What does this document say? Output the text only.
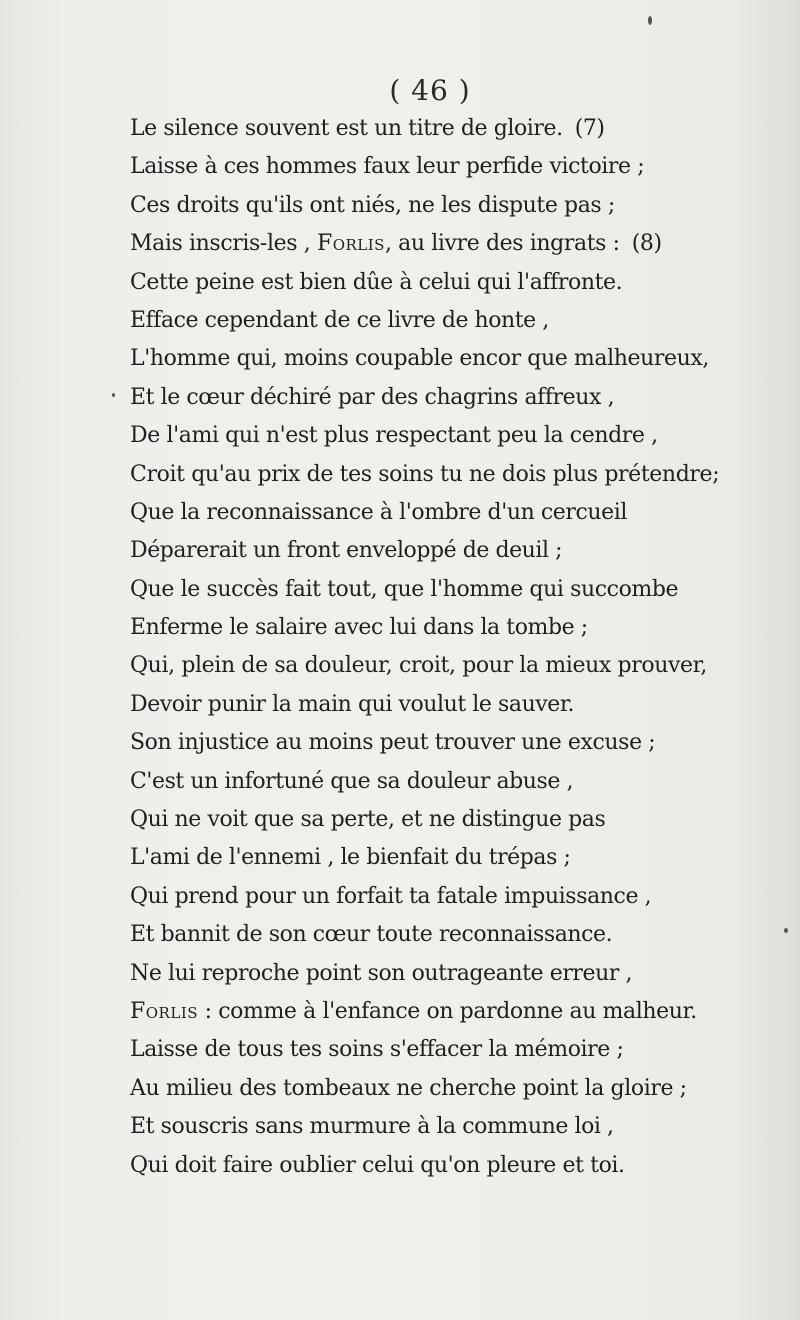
( 46 )
Le silence souvent est un titre de gloire. (7)
Laisse à ces hommes faux leur perfide victoire ;
Ces droits qu'ils ont niés, ne les dispute pas ;
Mais inscris-les , Forlis, au livre des ingrats : (8)
Cette peine est bien dûe à celui qui l'affronte.
Efface cependant de ce livre de honte ,
L'homme qui, moins coupable encor que malheureux,
Et le cœur déchiré par des chagrins affreux ,
De l'ami qui n'est plus respectant peu la cendre ,
Croit qu'au prix de tes soins tu ne dois plus prétendre;
Que la reconnaissance à l'ombre d'un cercueil
Déparerait un front enveloppé de deuil ;
Que le succès fait tout, que l'homme qui succombe
Enferme le salaire avec lui dans la tombe ;
Qui, plein de sa douleur, croit, pour la mieux prouver,
Devoir punir la main qui voulut le sauver.
Son injustice au moins peut trouver une excuse ;
C'est un infortuné que sa douleur abuse ,
Qui ne voit que sa perte, et ne distingue pas
L'ami de l'ennemi , le bienfait du trépas ;
Qui prend pour un forfait ta fatale impuissance ,
Et bannit de son cœur toute reconnaissance.
Ne lui reproche point son outrageante erreur ,
Forlis : comme à l'enfance on pardonne au malheur.
Laisse de tous tes soins s'effacer la mémoire ;
Au milieu des tombeaux ne cherche point la gloire ;
Et souscris sans murmure à la commune loi ,
Qui doit faire oublier celui qu'on pleure et toi.
